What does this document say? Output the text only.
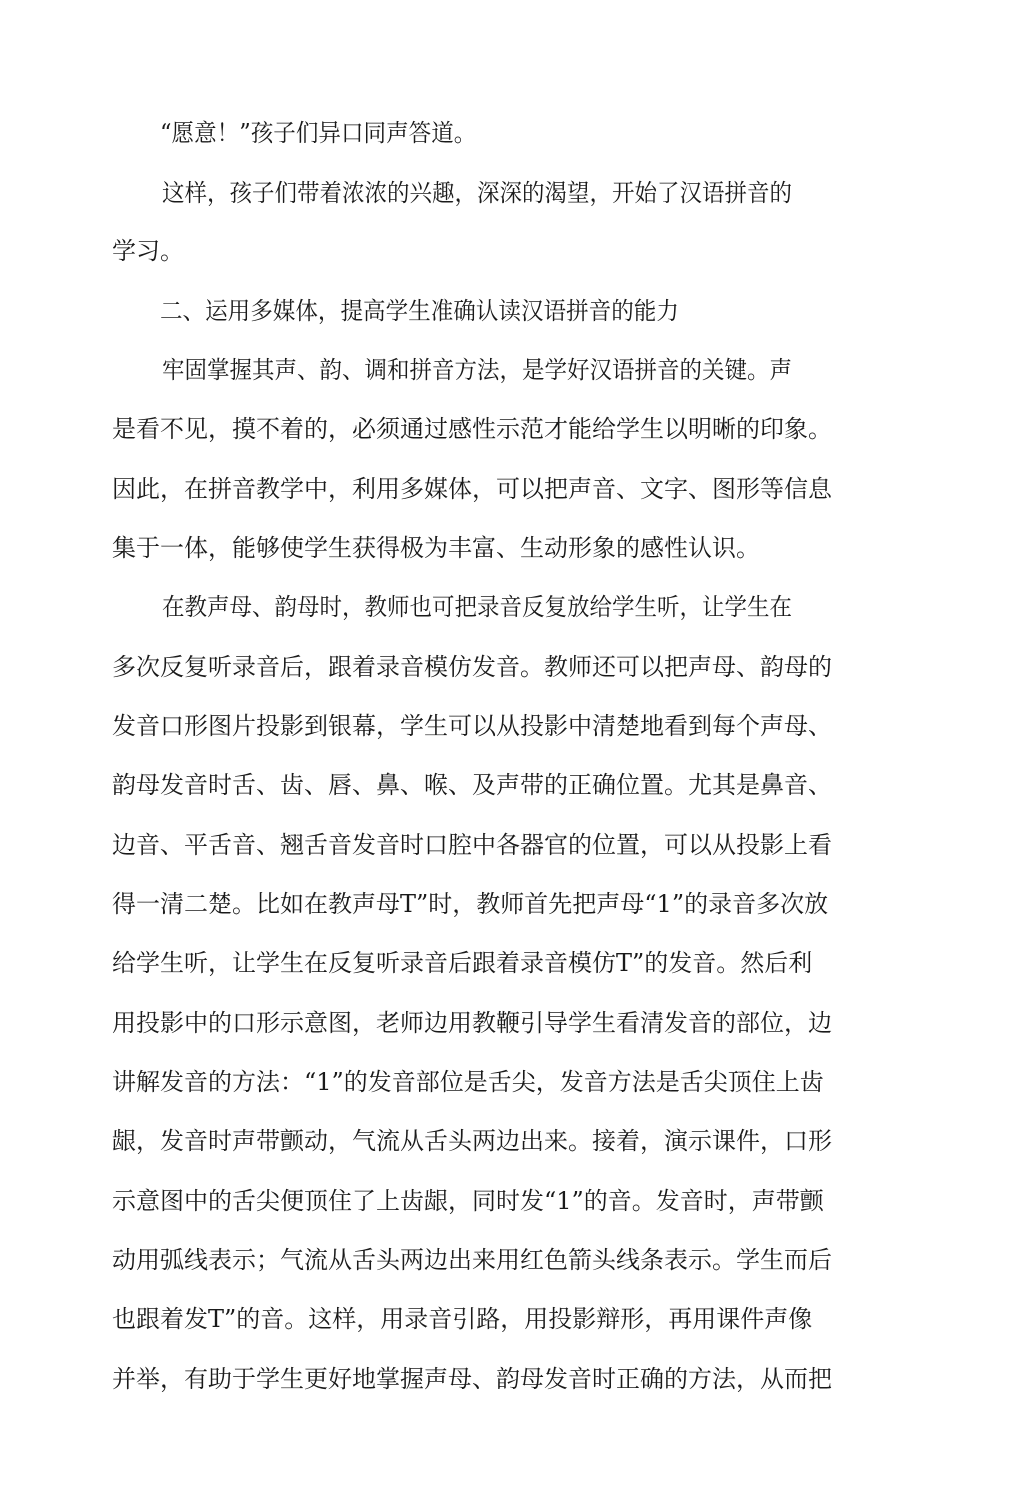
“愿意！”孩子们异口同声答道。
这样，孩子们带着浓浓的兴趣，深深的渴望，开始了汉语拼音的
学习。
二、运用多媒体，提高学生准确认读汉语拼音的能力
牢固掌握其声、韵、调和拼音方法，是学好汉语拼音的关键。声
是看不见，摸不着的，必须通过感性示范才能给学生以明晰的印象。
因此，在拼音教学中，利用多媒体，可以把声音、文字、图形等信息
集于一体，能够使学生获得极为丰富、生动形象的感性认识。
在教声母、韵母时，教师也可把录音反复放给学生听，让学生在
多次反复听录音后，跟着录音模仿发音。教师还可以把声母、韵母的
发音口形图片投影到银幕，学生可以从投影中清楚地看到每个声母、
韵母发音时舌、齿、唇、鼻、喉、及声带的正确位置。尤其是鼻音、
边音、平舌音、翘舌音发音时口腔中各器官的位置，可以从投影上看
得一清二楚。比如在教声母T”时，教师首先把声母“1”的录音多次放
给学生听，让学生在反复听录音后跟着录音模仿T”的发音。然后利
用投影中的口形示意图，老师边用教鞭引导学生看清发音的部位，边
讲解发音的方法：“1”的发音部位是舌尖，发音方法是舌尖顶住上齿
龈，发音时声带颤动，气流从舌头两边出来。接着，演示课件，口形
示意图中的舌尖便顶住了上齿龈，同时发“1”的音。发音时，声带颤
动用弧线表示；气流从舌头两边出来用红色箭头线条表示。学生而后
也跟着发T”的音。这样，用录音引路，用投影辩形，再用课件声像
并举，有助于学生更好地掌握声母、韵母发音时正确的方法，从而把
